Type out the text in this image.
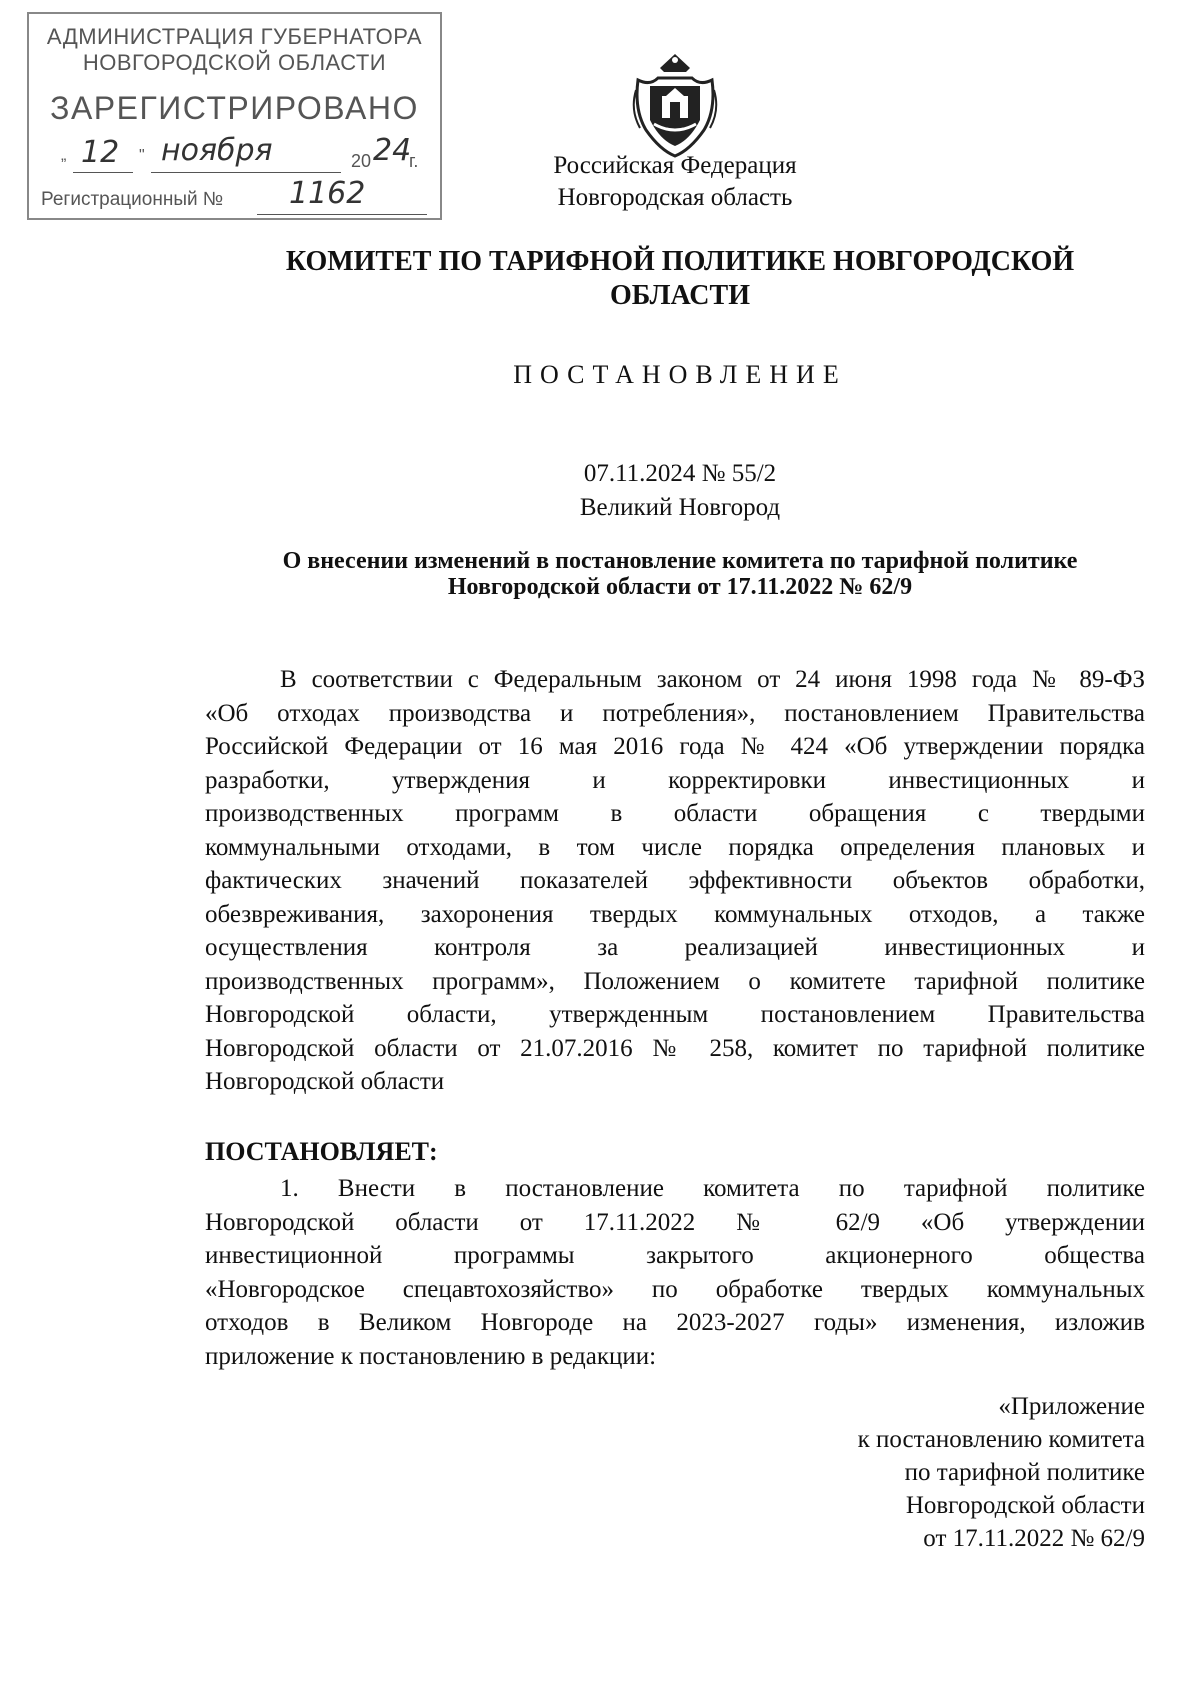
АДМИНИСТРАЦИЯ ГУБЕРНАТОРА
НОВГОРОДСКОЙ ОБЛАСТИ
ЗАРЕГИСТРИРОВАНО
„ 12 " ноября	20 24
г.
Регистрационный № 1162
Российская Федерация
Новгородская область
КОМИТЕТ ПО ТАРИФНОЙ ПОЛИТИКЕ НОВГОРОДСКОЙ
ОБЛАСТИ
ПОСТАНОВЛЕНИЕ
07.11.2024 № 55/2
Великий Новгород
О внесении изменений в постановление комитета по тарифной политике
Новгородской области от 17.11.2022 № 62/9
В соответствии с Федеральным законом от 24 июня 1998 года № 89-ФЗ
«Об отходах производства и потребления», постановлением Правительства
Российской Федерации от 16 мая 2016 года № 424 «Об утверждении порядка
разработки, утверждения и корректировки инвестиционных и
производственных программ в области обращения с твердыми
коммунальными отходами, в том числе порядка определения плановых и
фактических значений показателей эффективности объектов обработки,
обезвреживания, захоронения твердых коммунальных отходов, а также
осуществления контроля за реализацией инвестиционных и
производственных программ», Положением о комитете тарифной политике
Новгородской области, утвержденным постановлением Правительства
Новгородской области от 21.07.2016 № 258, комитет по тарифной политике
Новгородской области
ПОСТАНОВЛЯЕТ:
1. Внести в постановление комитета по тарифной политике
Новгородской области от 17.11.2022 № 62/9 «Об утверждении
инвестиционной программы закрытого акционерного общества
«Новгородское спецавтохозяйство» по обработке твердых коммунальных
отходов в Великом Новгороде на 2023-2027 годы» изменения, изложив
приложение к постановлению в редакции:
«Приложение
к постановлению комитета
по тарифной политике
Новгородской области
от 17.11.2022 № 62/9
